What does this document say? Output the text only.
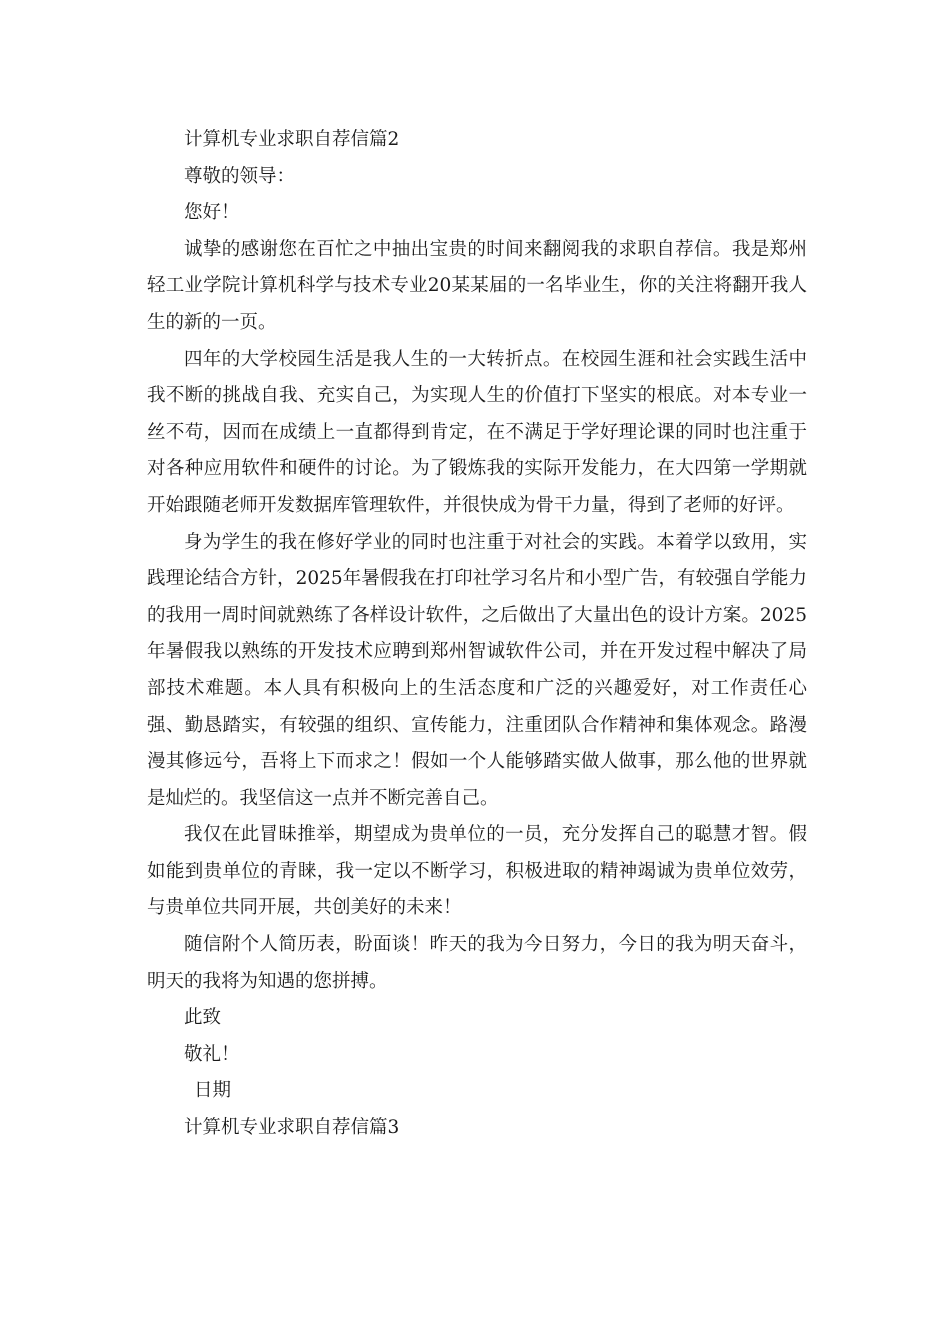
计算机专业求职自荐信篇2

尊敬的领导：

您好！

诚挚的感谢您在百忙之中抽出宝贵的时间来翻阅我的求职自荐信。我是郑州轻工业学院计算机科学与技术专业20某某届的一名毕业生，你的关注将翻开我人生的新的一页。

四年的大学校园生活是我人生的一大转折点。在校园生涯和社会实践生活中我不断的挑战自我、充实自己，为实现人生的价值打下坚实的根底。对本专业一丝不苟，因而在成绩上一直都得到肯定，在不满足于学好理论课的同时也注重于对各种应用软件和硬件的讨论。为了锻炼我的实际开发能力，在大四第一学期就开始跟随老师开发数据库管理软件，并很快成为骨干力量，得到了老师的好评。

身为学生的我在修好学业的同时也注重于对社会的实践。本着学以致用，实践理论结合方针，2025年暑假我在打印社学习名片和小型广告，有较强自学能力的我用一周时间就熟练了各样设计软件，之后做出了大量出色的设计方案。2025年暑假我以熟练的开发技术应聘到郑州智诚软件公司，并在开发过程中解决了局部技术难题。本人具有积极向上的生活态度和广泛的兴趣爱好，对工作责任心强、勤恳踏实，有较强的组织、宣传能力，注重团队合作精神和集体观念。路漫漫其修远兮，吾将上下而求之！假如一个人能够踏实做人做事，那么他的世界就是灿烂的。我坚信这一点并不断完善自己。

我仅在此冒昧推举，期望成为贵单位的一员，充分发挥自己的聪慧才智。假如能到贵单位的青睐，我一定以不断学习，积极进取的精神竭诚为贵单位效劳，与贵单位共同开展，共创美好的未来！

随信附个人简历表，盼面谈！昨天的我为今日努力，今日的我为明天奋斗，明天的我将为知遇的您拼搏。

此致

敬礼！

日期

计算机专业求职自荐信篇3
